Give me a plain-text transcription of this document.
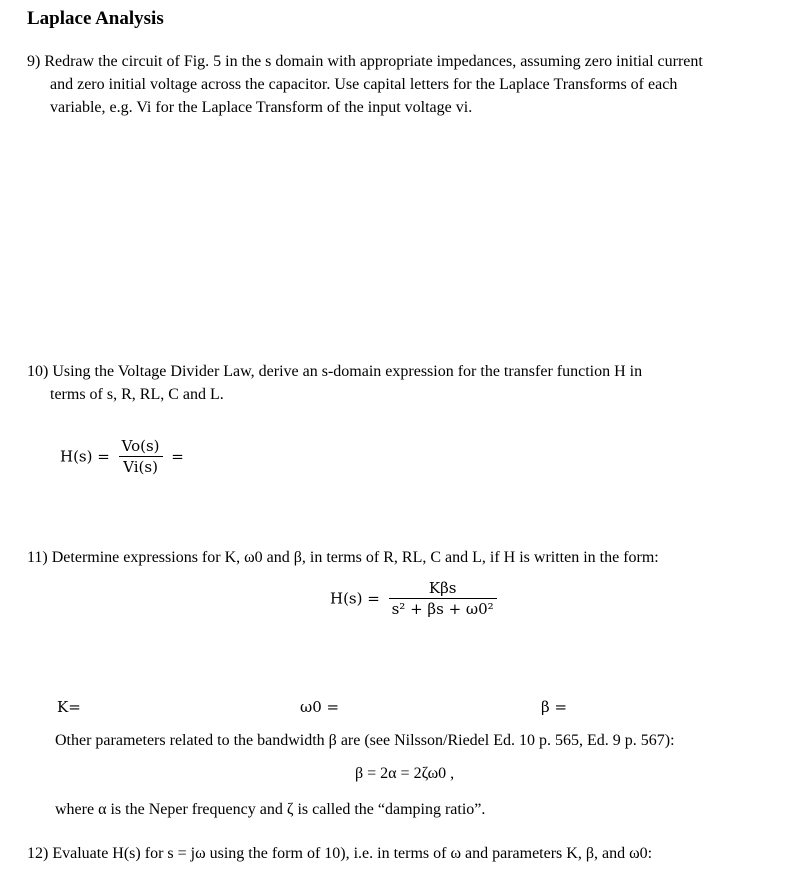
Laplace Analysis
9) Redraw the circuit of Fig. 5 in the s domain with appropriate impedances, assuming zero initial current
and zero initial voltage across the capacitor. Use capital letters for the Laplace Transforms of each
variable, e.g. Vi for the Laplace Transform of the input voltage vi.
10) Using the Voltage Divider Law, derive an s-domain expression for the transfer function H in
terms of s, R, RL, C and L.
$H(s) = \frac{Vo(s)}{Vi(s)}$ =
11) Determine expressions for K, ω0 and β, in terms of R, RL, C and L, if H is written in the form:
$H(s) = \frac{\text{Kβs}}{\text{s² + βs + ω0²}}$
K=	ω0 =	β =
Other parameters related to the bandwidth β are (see Nilsson/Riedel Ed. 10 p. 565, Ed. 9 p. 567):
β = 2α = 2ζω0 ,
where α is the Neper frequency and ζ is called the “damping ratio”.
12) Evaluate H(s) for s = jω using the form of 10), i.e. in terms of ω and parameters K, β, and ω0:
